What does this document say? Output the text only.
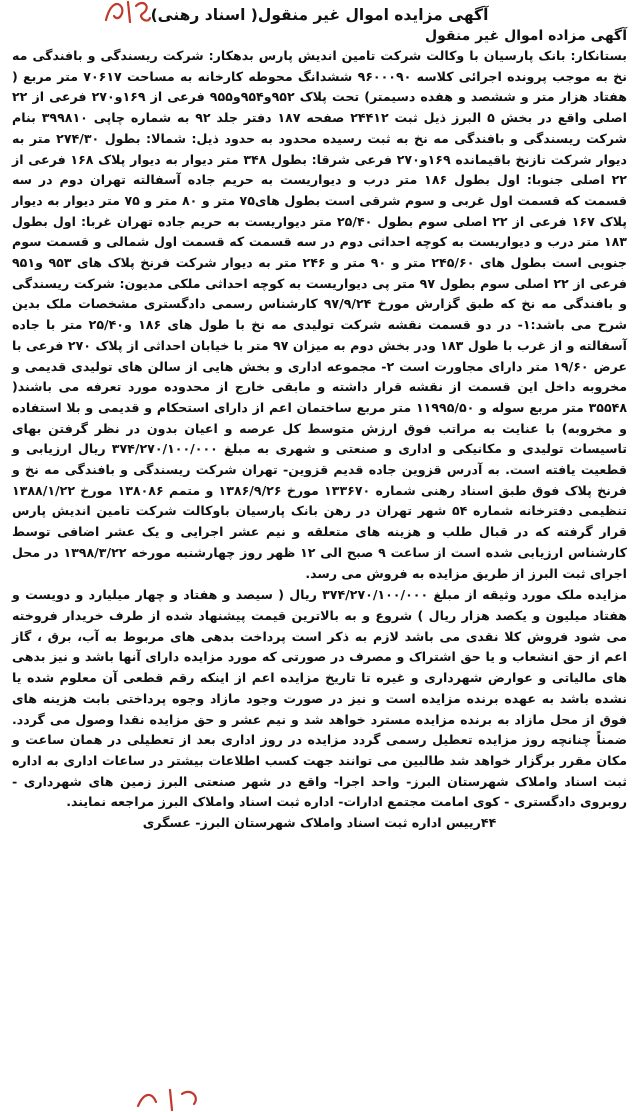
آگهی مزایده اموال غیر منقول( اسناد رهنی)
آگهی مزاده اموال غیر منقول

بستانکار: بانک پارسیان با وکالت شرکت تامین اندیش پارس بدهکار: شرکت ریسندگی و بافندگی مه نخ به موجب پرونده اجرائی کلاسه ۹۶۰۰۰۹۰ ششدانگ محوطه کارخانه به مساحت ۷۰۶۱۷ متر مربع ( هفتاد هزار متر و ششصد و هفده دسیمتر) تحت پلاک ۹۵۲و۹۵۴و۹۵۵ فرعی از ۱۶۹و۲۷۰ فرعی از ۲۲ اصلی واقع در بخش ۵ البرز ذیل ثبت ۲۴۴۱۲ صفحه ۱۸۷ دفتر جلد ۹۲ به شماره چاپی ۳۹۹۸۱۰ بنام شرکت ریسندگی و بافندگی مه نخ به ثبت رسیده محدود به حدود ذیل: شمالا: بطول ۲۷۴/۳۰ متر به دیوار شرکت نازنخ باقیمانده ۱۶۹و۲۷۰ فرعی شرقا: بطول ۳۴۸ متر دیوار به دیوار پلاک ۱۶۸ فرعی از ۲۲ اصلی جنوبا: اول بطول ۱۸۶ متر درب و دیواریست به حریم جاده آسفالته تهران دوم در سه قسمت که قسمت اول غربی و سوم شرقی است بطول های۷۵ متر و ۸۰ متر و ۷۵ متر دیوار به دیوار پلاک ۱۶۷ فرعی از ۲۲ اصلی سوم بطول ۲۵/۴۰ متر دیواریست به حریم جاده تهران غربا: اول بطول ۱۸۳ متر درب و دیواریست به کوچه احداثی دوم در سه قسمت که قسمت اول شمالی و قسمت سوم جنوبی است بطول های ۲۴۵/۶۰ متر و ۹۰ متر و ۲۴۶ متر به دیوار شرکت فرنخ پلاک های ۹۵۳ و۹۵۱ فرعی از ۲۲ اصلی سوم بطول ۹۷ متر پی دیواریست به کوچه احداثی ملکی مدیون: شرکت ریسندگی و بافندگی مه نخ که طبق گزارش مورخ ۹۷/۹/۲۴ کارشناس رسمی دادگستری مشخصات ملک بدین شرح می باشد:۱- در دو قسمت نقشه شرکت تولیدی مه نخ با طول های ۱۸۶ و۲۵/۴۰ متر با جاده آسفالته و از غرب با طول ۱۸۳ ودر بخش دوم به میزان ۹۷ متر با خیابان احداثی از پلاک ۲۷۰ فرعی با عرض ۱۹/۶۰ متر دارای مجاورت است ۲- مجموعه اداری و بخش هایی از سالن های تولیدی قدیمی و مخروبه داخل این قسمت از نقشه قرار داشته و مابقی خارج از محدوده مورد تعرفه می باشند( ۳۵۵۴۸ متر مربع سوله و ۱۱۹۹۵/۵۰ متر مربع ساختمان اعم از دارای استحکام و قدیمی و بلا استفاده و مخروبه) با عنایت به مراتب فوق ارزش متوسط کل عرصه و اعیان بدون در نظر گرفتن بهای تاسیسات تولیدی و مکانیکی و اداری و صنعتی و شهری به مبلغ ۳۷۴/۲۷۰/۱۰۰/۰۰۰ ریال ارزیابی و قطعیت یافته است. به آدرس قزوین جاده قدیم قزوین- تهران شرکت ریسندگی و بافندگی مه نخ و فرنخ پلاک فوق طبق اسناد رهنی شماره ۱۳۳۶۷۰ مورخ ۱۳۸۶/۹/۲۶ و متمم ۱۳۸۰۸۶ مورخ ۱۳۸۸/۱/۲۲ تنظیمی دفترخانه شماره ۵۴ شهر تهران در رهن بانک پارسیان باوکالت شرکت تامین اندیش پارس قرار گرفته که در قبال طلب و هزینه های متعلقه و نیم عشر اجرایی و یک عشر اضافی توسط کارشناس ارزیابی شده است از ساعت ۹ صبح الی ۱۲ ظهر روز چهارشنبه مورخه ۱۳۹۸/۳/۲۲ در محل اجرای ثبت البرز از طریق مزایده به فروش می رسد.

مزایده ملک مورد وثیقه از مبلغ ۳۷۴/۲۷۰/۱۰۰/۰۰۰ ریال ( سیصد و هفتاد و چهار میلیارد و دویست و هفتاد میلیون و یکصد هزار ریال ) شروع و به بالاترین قیمت پیشنهاد شده از طرف خریدار فروخته می شود فروش کلا نقدی می باشد لازم به ذکر است پرداخت بدهی های مربوط به آب، برق ، گاز اعم از حق انشعاب و یا حق اشتراک و مصرف در صورتی که مورد مزایده دارای آنها باشد و نیز بدهی های مالیاتی و عوارض شهرداری و غیره تا تاریخ مزایده اعم از اینکه رقم قطعی آن معلوم شده یا نشده باشد به عهده برنده مزایده است و نیز در صورت وجود مازاد وجوه پرداختی بابت هزینه های فوق از محل مازاد به برنده مزایده مسترد خواهد شد و نیم عشر و حق مزایده نقدا وصول می گردد. ضمناً چنانچه روز مزایده تعطیل رسمی گردد مزایده در روز اداری بعد از تعطیلی در همان ساعت و مکان مقرر برگزار خواهد شد طالبین می توانند جهت کسب اطلاعات بیشتر در ساعات اداری به اداره ثبت اسناد واملاک شهرستان البرز- واحد اجرا- واقع در شهر صنعتی البرز زمین های شهرداری - روبروی دادگستری - کوی امامت مجتمع ادارات- اداره ثبت اسناد واملاک البرز مراجعه نمایند.

۴۴رییس اداره ثبت اسناد واملاک شهرستان البرز- عسگری
